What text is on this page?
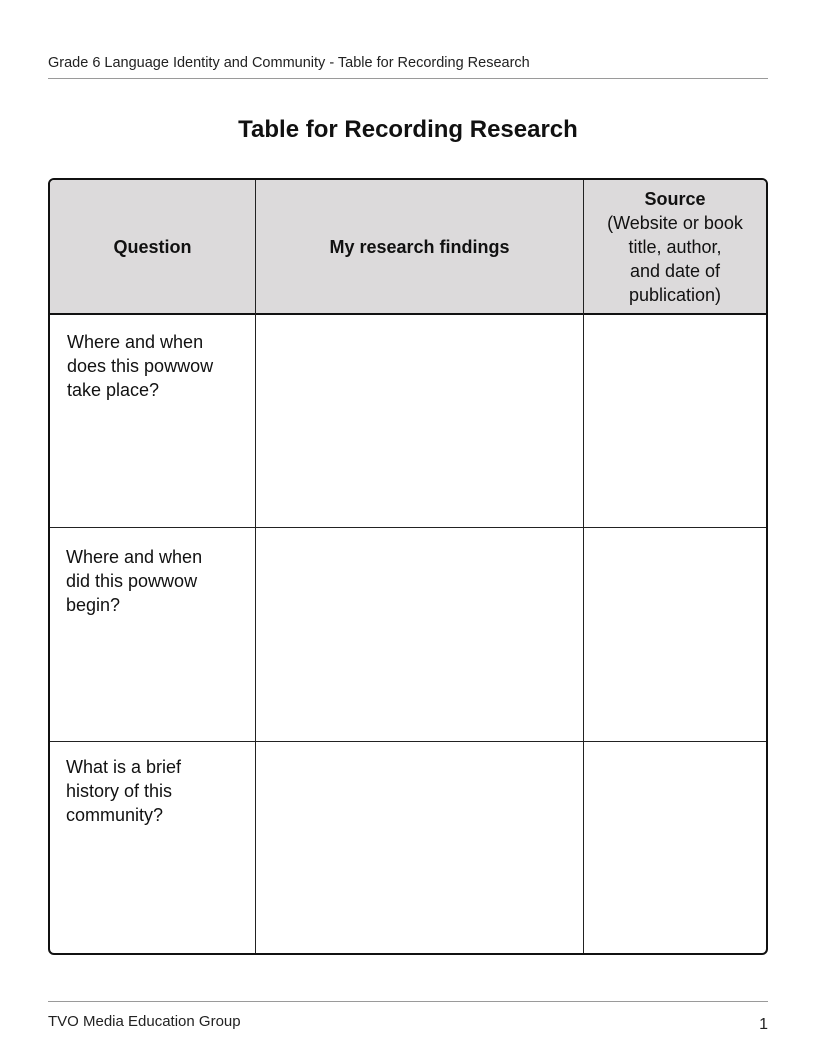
Grade 6 Language Identity and Community - Table for Recording Research
Table for Recording Research
Question	My research findings
Source
(Website or book
title, author,
and date of
publication)
Where and when
does this powwow
take place?
Where and when
did this powwow
begin?
What is a brief
history of this
community?
TVO Media Education Group	1
